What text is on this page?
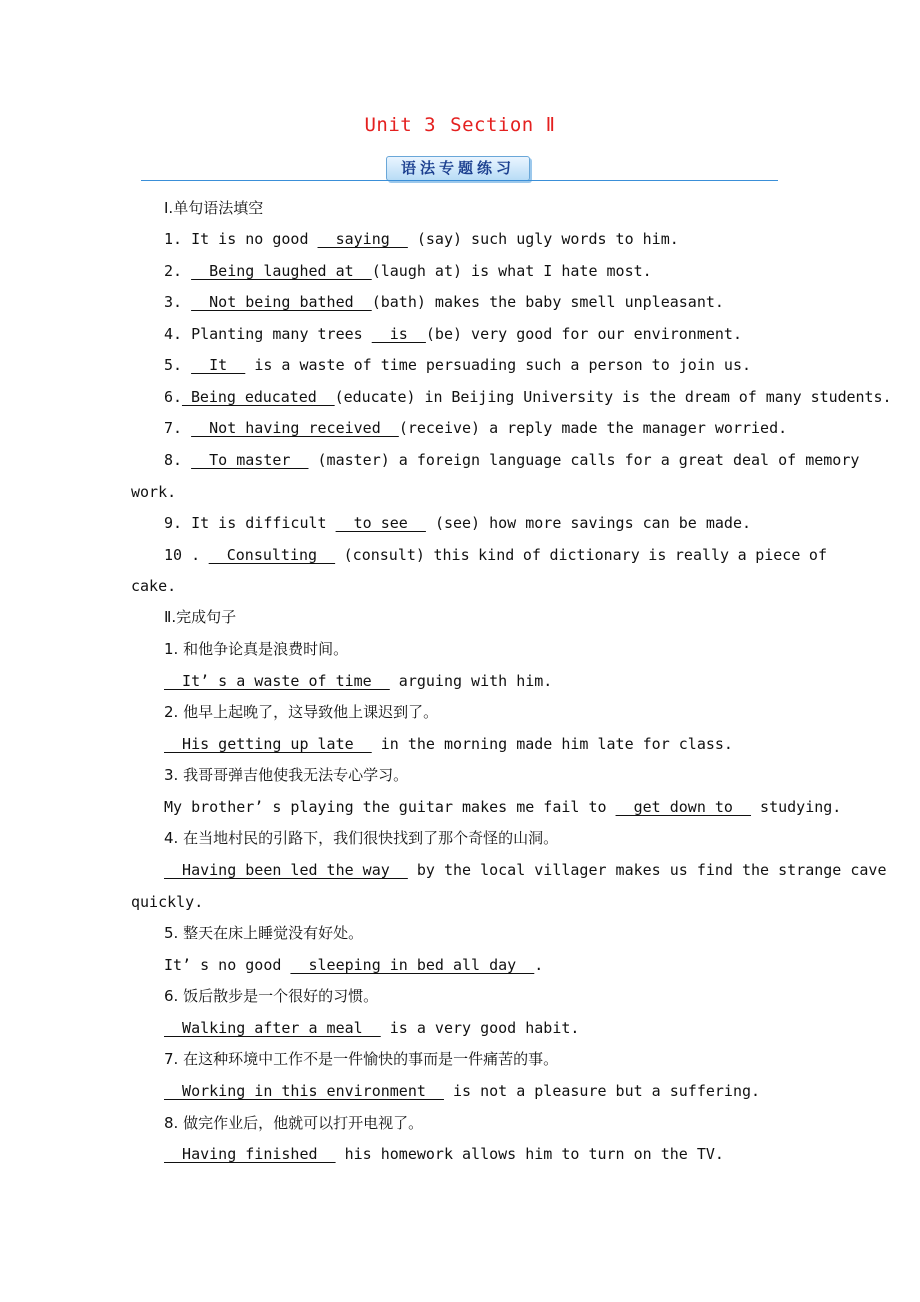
Unit 3 Section Ⅱ
语法专题练习
Ⅰ.单句语法填空
1. It is no good   saying   (say) such ugly words to him.
2.   Being laughed at  (laugh at) is what I hate most.
3.   Not being bathed  (bath) makes the baby smell unpleasant.
4. Planting many trees   is  (be) very good for our environment.
5.   It   is a waste of time persuading such a person to join us.
6. Being educated  (educate) in Beijing University is the dream of many students.
7.   Not having received  (receive) a reply made the manager worried.
8.   To master   (master) a foreign language calls for a great deal of memory
work.
9. It is difficult   to see   (see) how more savings can be made.
10 . Consulting (consult) this kind of dictionary is really a piece of
cake.
Ⅱ.完成句子
1. 和他争论真是浪费时间。
It’ s a waste of time   arguing with him.
2. 他早上起晚了，这导致他上课迟到了。
His getting up late   in the morning made him late for class.
3. 我哥哥弹吉他使我无法专心学习。
My brother’ s playing the guitar makes me fail to   get down to   studying.
4. 在当地村民的引路下，我们很快找到了那个奇怪的山洞。
Having been led the way   by the local villager makes us find the strange cave
quickly.
5. 整天在床上睡觉没有好处。
It’ s no good   sleeping in bed all day  .
6. 饭后散步是一个很好的习惯。
Walking after a meal   is a very good habit.
7. 在这种环境中工作不是一件愉快的事而是一件痛苦的事。
Working in this environment   is not a pleasure but a suffering.
8. 做完作业后，他就可以打开电视了。
Having finished   his homework allows him to turn on the TV.
